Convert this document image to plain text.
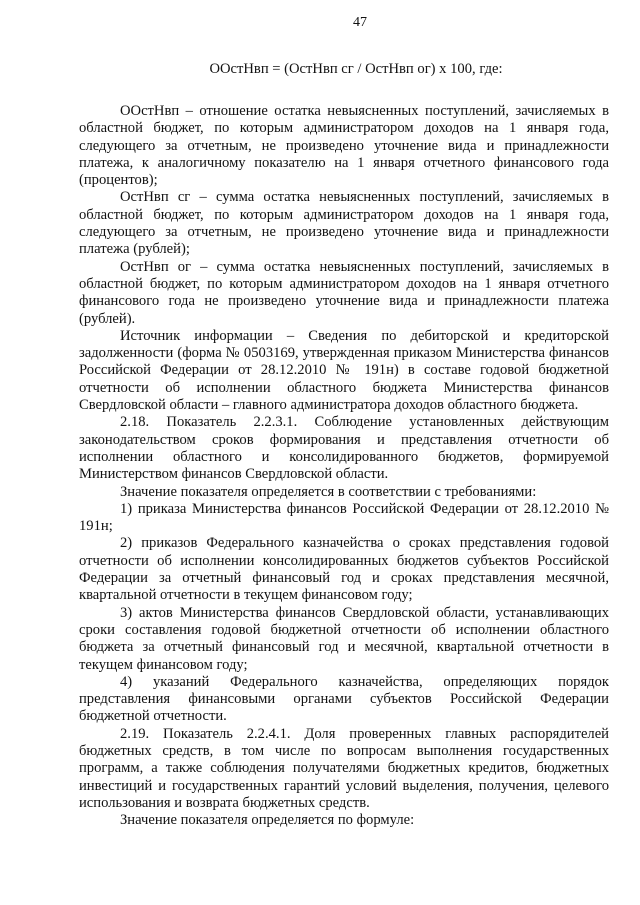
47
ООстНвп = (ОстНвп сг / ОстНвп ог) х 100, где:

ООстНвп – отношение остатка невыясненных поступлений, зачисляемых в областной бюджет, по которым администратором доходов на 1 января года, следующего за отчетным, не произведено уточнение вида и принадлежности платежа, к аналогичному показателю на 1 января отчетного финансового года (процентов);

ОстНвп сг – сумма остатка невыясненных поступлений, зачисляемых в областной бюджет, по которым администратором доходов на 1 января года, следующего за отчетным, не произведено уточнение вида и принадлежности платежа (рублей);

ОстНвп ог – сумма остатка невыясненных поступлений, зачисляемых в областной бюджет, по которым администратором доходов на 1 января отчетного финансового года не произведено уточнение вида и принадлежности платежа (рублей).

Источник информации – Сведения по дебиторской и кредиторской задолженности (форма № 0503169, утвержденная приказом Министерства финансов Российской Федерации от 28.12.2010 № 191н) в составе годовой бюджетной отчетности об исполнении областного бюджета Министерства финансов Свердловской области – главного администратора доходов областного бюджета.

2.18. Показатель 2.2.3.1. Соблюдение установленных действующим законодательством сроков формирования и представления отчетности об исполнении областного и консолидированного бюджетов, формируемой Министерством финансов Свердловской области.

Значение показателя определяется в соответствии с требованиями:

1) приказа Министерства финансов Российской Федерации от 28.12.2010 № 191н;

2) приказов Федерального казначейства о сроках представления годовой отчетности об исполнении консолидированных бюджетов субъектов Российской Федерации за отчетный финансовый год и сроках представления месячной, квартальной отчетности в текущем финансовом году;

3) актов Министерства финансов Свердловской области, устанавливающих сроки составления годовой бюджетной отчетности об исполнении областного бюджета за отчетный финансовый год и месячной, квартальной отчетности в текущем финансовом году;

4) указаний Федерального казначейства, определяющих порядок представления финансовыми органами субъектов Российской Федерации бюджетной отчетности.

2.19. Показатель 2.2.4.1. Доля проверенных главных распорядителей бюджетных средств, в том числе по вопросам выполнения государственных программ, а также соблюдения получателями бюджетных кредитов, бюджетных инвестиций и государственных гарантий условий выделения, получения, целевого использования и возврата бюджетных средств.

Значение показателя определяется по формуле:
